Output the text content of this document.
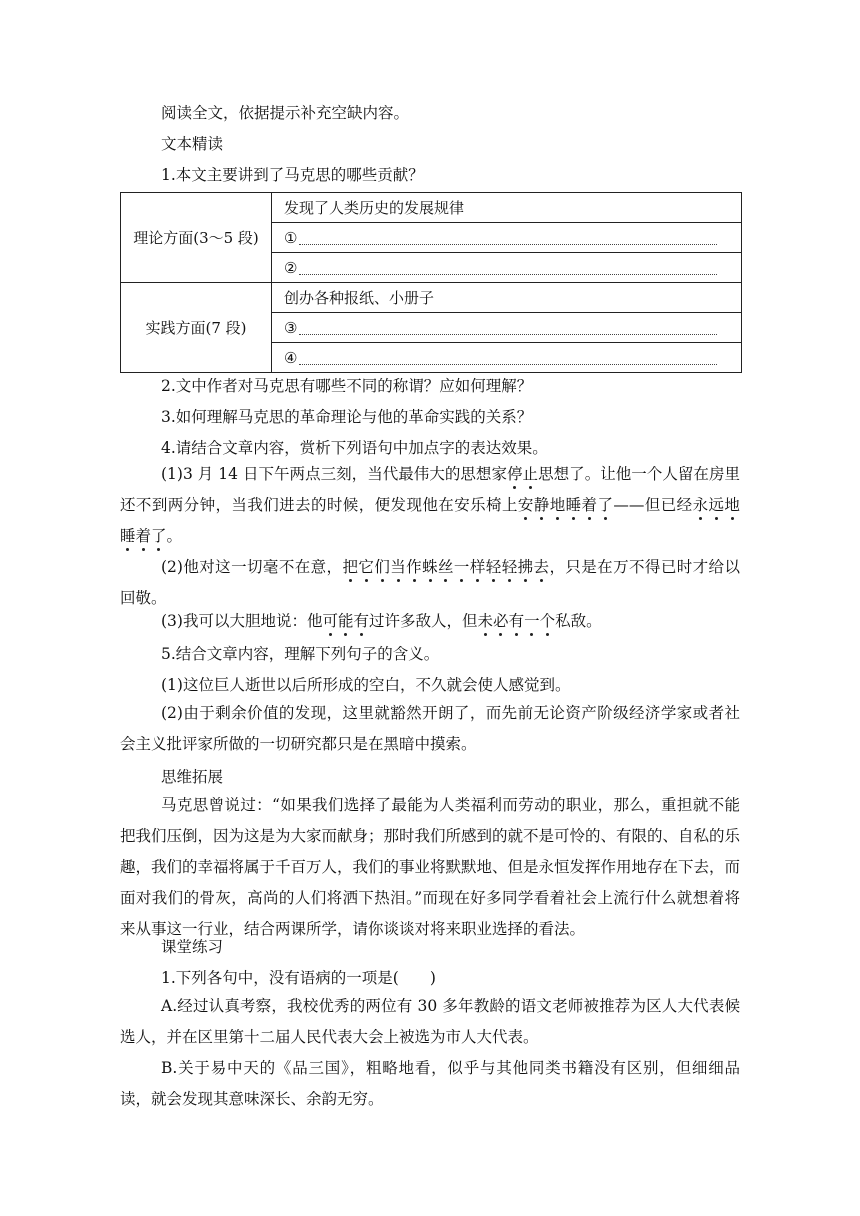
阅读全文，依据提示补充空缺内容。
文本精读
1.本文主要讲到了马克思的哪些贡献？
理论方面(3～5 段)	发现了人类历史的发展规律
	①
	②
实践方面(7 段)	创办各种报纸、小册子
	③
	④
2.文中作者对马克思有哪些不同的称谓？应如何理解？
3.如何理解马克思的革命理论与他的革命实践的关系？
4.请结合文章内容，赏析下列语句中加点字的表达效果。
(1)3 月 14 日下午两点三刻，当代最伟大的思想家停止思想了。让他一个人留在房里还不到两分钟，当我们进去的时候，便发现他在安乐椅上安静地睡着了——但已经永远地睡着了。
(2)他对这一切毫不在意，把它们当作蛛丝一样轻轻拂去，只是在万不得已时才给以回敬。
(3)我可以大胆地说：他可能有过许多敌人，但未必有一个私敌。
5.结合文章内容，理解下列句子的含义。
(1)这位巨人逝世以后所形成的空白，不久就会使人感觉到。
(2)由于剩余价值的发现，这里就豁然开朗了，而先前无论资产阶级经济学家或者社会主义批评家所做的一切研究都只是在黑暗中摸索。
思维拓展
马克思曾说过：“如果我们选择了最能为人类福利而劳动的职业，那么，重担就不能把我们压倒，因为这是为大家而献身；那时我们所感到的就不是可怜的、有限的、自私的乐趣，我们的幸福将属于千百万人，我们的事业将默默地、但是永恒发挥作用地存在下去，而面对我们的骨灰，高尚的人们将洒下热泪。”而现在好多同学看着社会上流行什么就想着将来从事这一行业，结合两课所学，请你谈谈对将来职业选择的看法。
课堂练习
1.下列各句中，没有语病的一项是(　　)
A.经过认真考察，我校优秀的两位有 30 多年教龄的语文老师被推荐为区人大代表候选人，并在区里第十二届人民代表大会上被选为市人大代表。
B.关于易中天的《品三国》，粗略地看，似乎与其他同类书籍没有区别，但细细品读，就会发现其意味深长、余韵无穷。
